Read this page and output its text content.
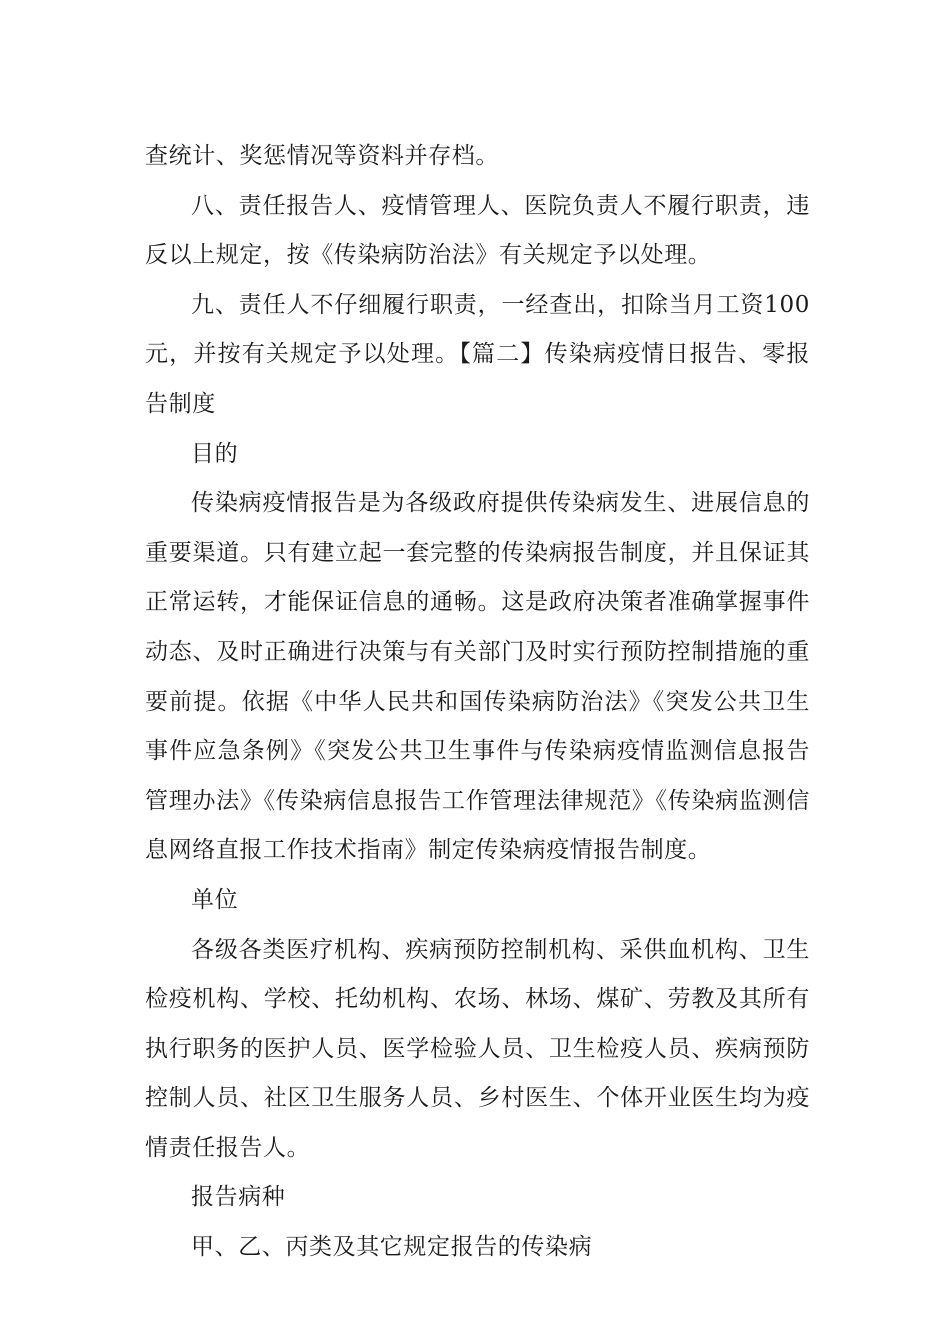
查统计、奖惩情况等资料并存档。

八、责任报告人、疫情管理人、医院负责人不履行职责，违反以上规定，按《传染病防治法》有关规定予以处理。

九、责任人不仔细履行职责，一经查出，扣除当月工资100元，并按有关规定予以处理。【篇二】传染病疫情日报告、零报告制度

目的

传染病疫情报告是为各级政府提供传染病发生、进展信息的重要渠道。只有建立起一套完整的传染病报告制度，并且保证其正常运转，才能保证信息的通畅。这是政府决策者准确掌握事件动态、及时正确进行决策与有关部门及时实行预防控制措施的重要前提。依据《中华人民共和国传染病防治法》《突发公共卫生事件应急条例》《突发公共卫生事件与传染病疫情监测信息报告管理办法》《传染病信息报告工作管理法律规范》《传染病监测信息网络直报工作技术指南》制定传染病疫情报告制度。

单位

各级各类医疗机构、疾病预防控制机构、采供血机构、卫生检疫机构、学校、托幼机构、农场、林场、煤矿、劳教及其所有执行职务的医护人员、医学检验人员、卫生检疫人员、疾病预防控制人员、社区卫生服务人员、乡村医生、个体开业医生均为疫情责任报告人。

报告病种

甲、乙、丙类及其它规定报告的传染病
